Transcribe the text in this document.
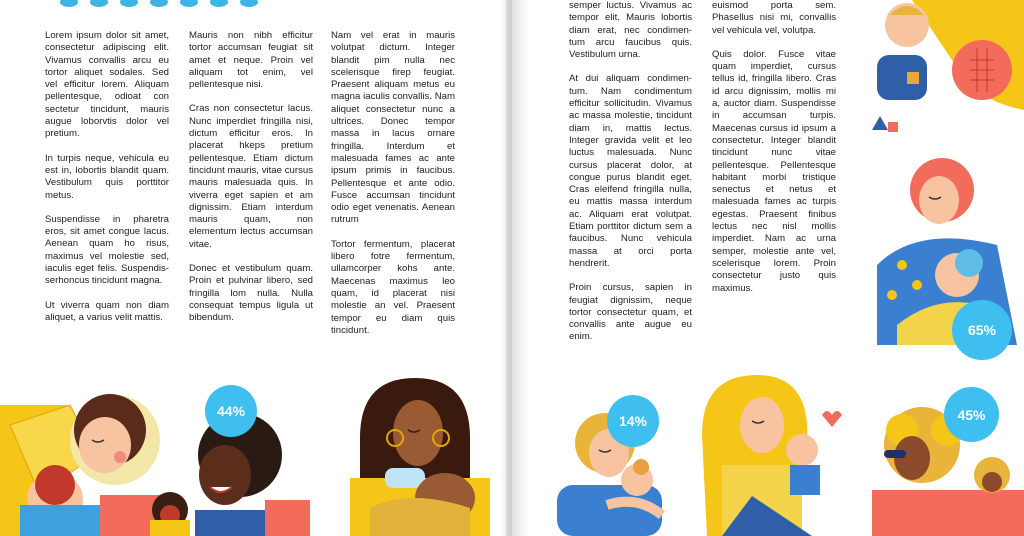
Lorem ipsum dolor sit amet, consectetur adipiscing elit. Vivamus convallis arcu eu tortor aliquet sodales. Sed vel efficitur lorem. Aliquam pellentesque, odioat con sectetur tincidunt, mauris augue loborvtis dolor vel pretium.

In turpis neque, vehicula eu est in, lobortis blandit quam. Vestibulum quis porttitor metus.

Suspendisse in pharetra eros, sit amet congue lacus. Aenean quam ho risus, maximus vel molestie sed, iaculis eget felis. Suspendis-serhoncus tincidunt magna.

Ut viverra quam non diam aliquet, a varius velit mattis.

Mauris non nibh efficitur tortor accumsan feugiat sit amet et neque. Proin vel aliquam tot enim, vel pellentesque nisi.

Cras non consectetur lacus. Nunc imperdiet fringilla nisi, dictum efficitur eros. In placerat hkeps pretium pellentesque. Etiam dictum tincidunt mauris, vitae cursus mauris malesuada quis. In viverra eget sapien et am dignissim. Etiam interdum mauris quam, non elementum lectus accumsan vitae.

Donec et vestibulum quam. Proin et pulvinar libero, sed fringilla lom nulla. Nulla consequat tempus ligula ut bibendum.

Nam vel erat in mauris volutpat dictum. Integer blandit pim nulla nec scelerisque firep feugiat. Praesent aliquam metus eu magna iaculis convallis. Nam aliquet consectetur nunc a ultrices. Donec tempor massa in lacus ornare fringilla. Interdum et malesuada fames ac ante ipsum primis in faucibus. Pellentesque et ante odio. Fusce accumsan tincidunt odio eget venenatis. Aenean rutrum

Tortor fermentum, placerat libero fotre fermentum, ullamcorper kohs ante. Maecenas maximus leo quam, id placerat nisi molestie an vel. Praesent tempor eu diam quis tincidunt.

44%

semper luctus. Vivamus ac tempor elit. Mauris lobortis diam erat, nec condimen-tum arcu faucibus quis. Vestibulum urna.

At dui aliquam condimen-tum. Nam condimentum efficitur sollicitudin. Vivamus ac massa molestie, tincidunt diam in, mattis lectus. Integer gravida velit et leo luctus malesuada. Nunc cursus placerat dolor, at congue purus blandit eget. Cras eleifend fringilla nulla, eu mattis massa interdum ac. Aliquam erat volutpat. Etiam porttitor dictum sem a faucibus. Nunc vehicula massa at orci porta hendrerit.

Proin cursus, sapien in feugiat dignissim, neque tortor consectetur quam, et convallis ante augue eu enim.

euismod porta sem. Phasellus nisi mi, convallis vel vehicula vel, volutpa.

Quis dolor. Fusce vitae quam imperdiet, cursus tellus id, fringilla libero. Cras id arcu dignissim, mollis mi a, auctor diam. Suspendisse in accumsan turpis. Maecenas cursus id ipsum a consectetur. Integer blandit tincidunt nunc vitae pellentesque. Pellentesque habitant morbi tristique senectus et netus et malesuada fames ac turpis egestas. Praesent finibus lectus nec nisl mollis imperdiet. Nam ac urna semper, molestie ante vel, scelerisque lorem. Proin consectetur justo quis maximus.

14%	45%
65%
